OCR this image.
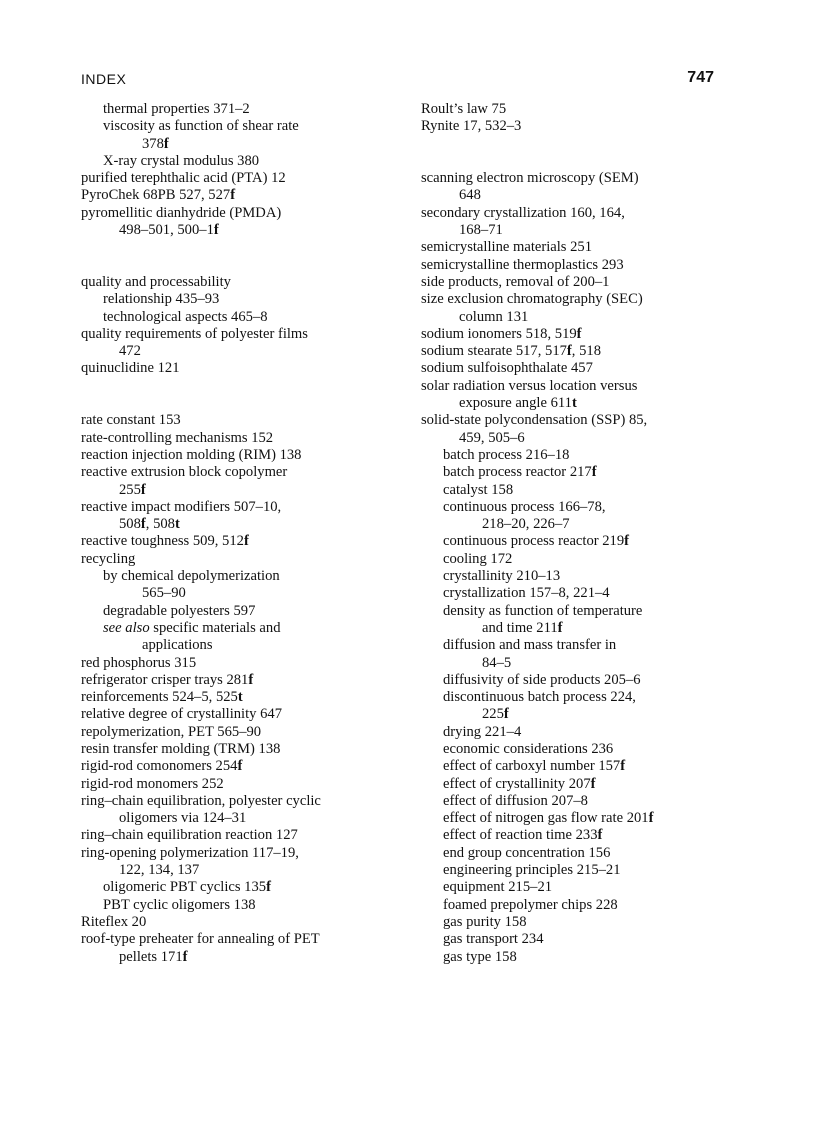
INDEX	747
thermal properties 371–2
viscosity as function of shear rate
378f
X-ray crystal modulus 380
purified terephthalic acid (PTA) 12
PyroChek 68PB 527, 527f
pyromellitic dianhydride (PMDA)
498–501, 500–1f
quality and processability
relationship 435–93
technological aspects 465–8
quality requirements of polyester films
472
quinuclidine 121
rate constant 153
rate-controlling mechanisms 152
reaction injection molding (RIM) 138
reactive extrusion block copolymer
255f
reactive impact modifiers 507–10,
508f, 508t
reactive toughness 509, 512f
recycling
by chemical depolymerization
565–90
degradable polyesters 597
see also specific materials and
applications
red phosphorus 315
refrigerator crisper trays 281f
reinforcements 524–5, 525t
relative degree of crystallinity 647
repolymerization, PET 565–90
resin transfer molding (TRM) 138
rigid-rod comonomers 254f
rigid-rod monomers 252
ring–chain equilibration, polyester cyclic
oligomers via 124–31
ring–chain equilibration reaction 127
ring-opening polymerization 117–19,
122, 134, 137
oligomeric PBT cyclics 135f
PBT cyclic oligomers 138
Riteflex 20
roof-type preheater for annealing of PET
pellets 171f
Roult’s law 75
Rynite 17, 532–3
scanning electron microscopy (SEM)
648
secondary crystallization 160, 164,
168–71
semicrystalline materials 251
semicrystalline thermoplastics 293
side products, removal of 200–1
size exclusion chromatography (SEC)
column 131
sodium ionomers 518, 519f
sodium stearate 517, 517f, 518
sodium sulfoisophthalate 457
solar radiation versus location versus
exposure angle 611t
solid-state polycondensation (SSP) 85,
459, 505–6
batch process 216–18
batch process reactor 217f
catalyst 158
continuous process 166–78,
218–20, 226–7
continuous process reactor 219f
cooling 172
crystallinity 210–13
crystallization 157–8, 221–4
density as function of temperature
and time 211f
diffusion and mass transfer in
84–5
diffusivity of side products 205–6
discontinuous batch process 224,
225f
drying 221–4
economic considerations 236
effect of carboxyl number 157f
effect of crystallinity 207f
effect of diffusion 207–8
effect of nitrogen gas flow rate 201f
effect of reaction time 233f
end group concentration 156
engineering principles 215–21
equipment 215–21
foamed prepolymer chips 228
gas purity 158
gas transport 234
gas type 158
